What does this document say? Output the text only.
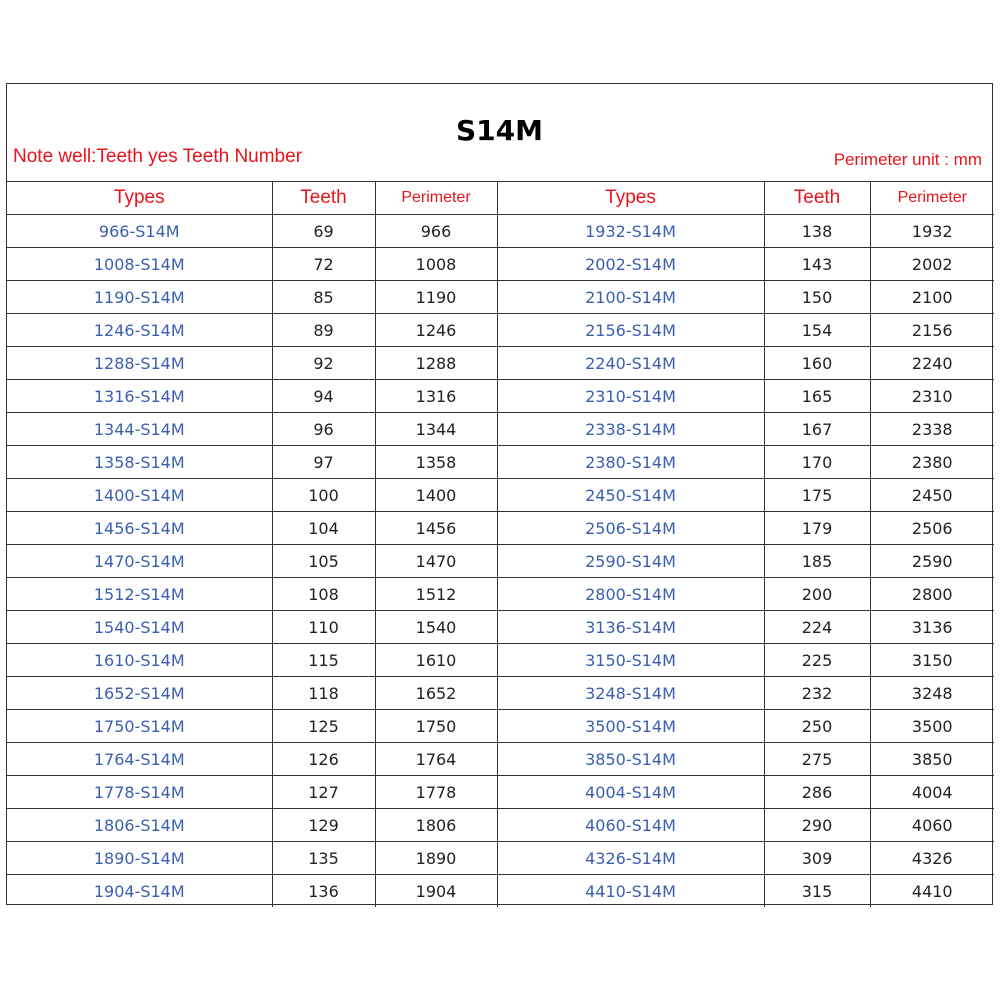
S14M
Note well:Teeth yes Teeth Number	Perimeter unit : mm
Types	Teeth	Perimeter	Types	Teeth	Perimeter
966-S14M	69	966	1932-S14M	138	1932
1008-S14M	72	1008	2002-S14M	143	2002
1190-S14M	85	1190	2100-S14M	150	2100
1246-S14M	89	1246	2156-S14M	154	2156
1288-S14M	92	1288	2240-S14M	160	2240
1316-S14M	94	1316	2310-S14M	165	2310
1344-S14M	96	1344	2338-S14M	167	2338
1358-S14M	97	1358	2380-S14M	170	2380
1400-S14M	100	1400	2450-S14M	175	2450
1456-S14M	104	1456	2506-S14M	179	2506
1470-S14M	105	1470	2590-S14M	185	2590
1512-S14M	108	1512	2800-S14M	200	2800
1540-S14M	110	1540	3136-S14M	224	3136
1610-S14M	115	1610	3150-S14M	225	3150
1652-S14M	118	1652	3248-S14M	232	3248
1750-S14M	125	1750	3500-S14M	250	3500
1764-S14M	126	1764	3850-S14M	275	3850
1778-S14M	127	1778	4004-S14M	286	4004
1806-S14M	129	1806	4060-S14M	290	4060
1890-S14M	135	1890	4326-S14M	309	4326
1904-S14M	136	1904	4410-S14M	315	4410
